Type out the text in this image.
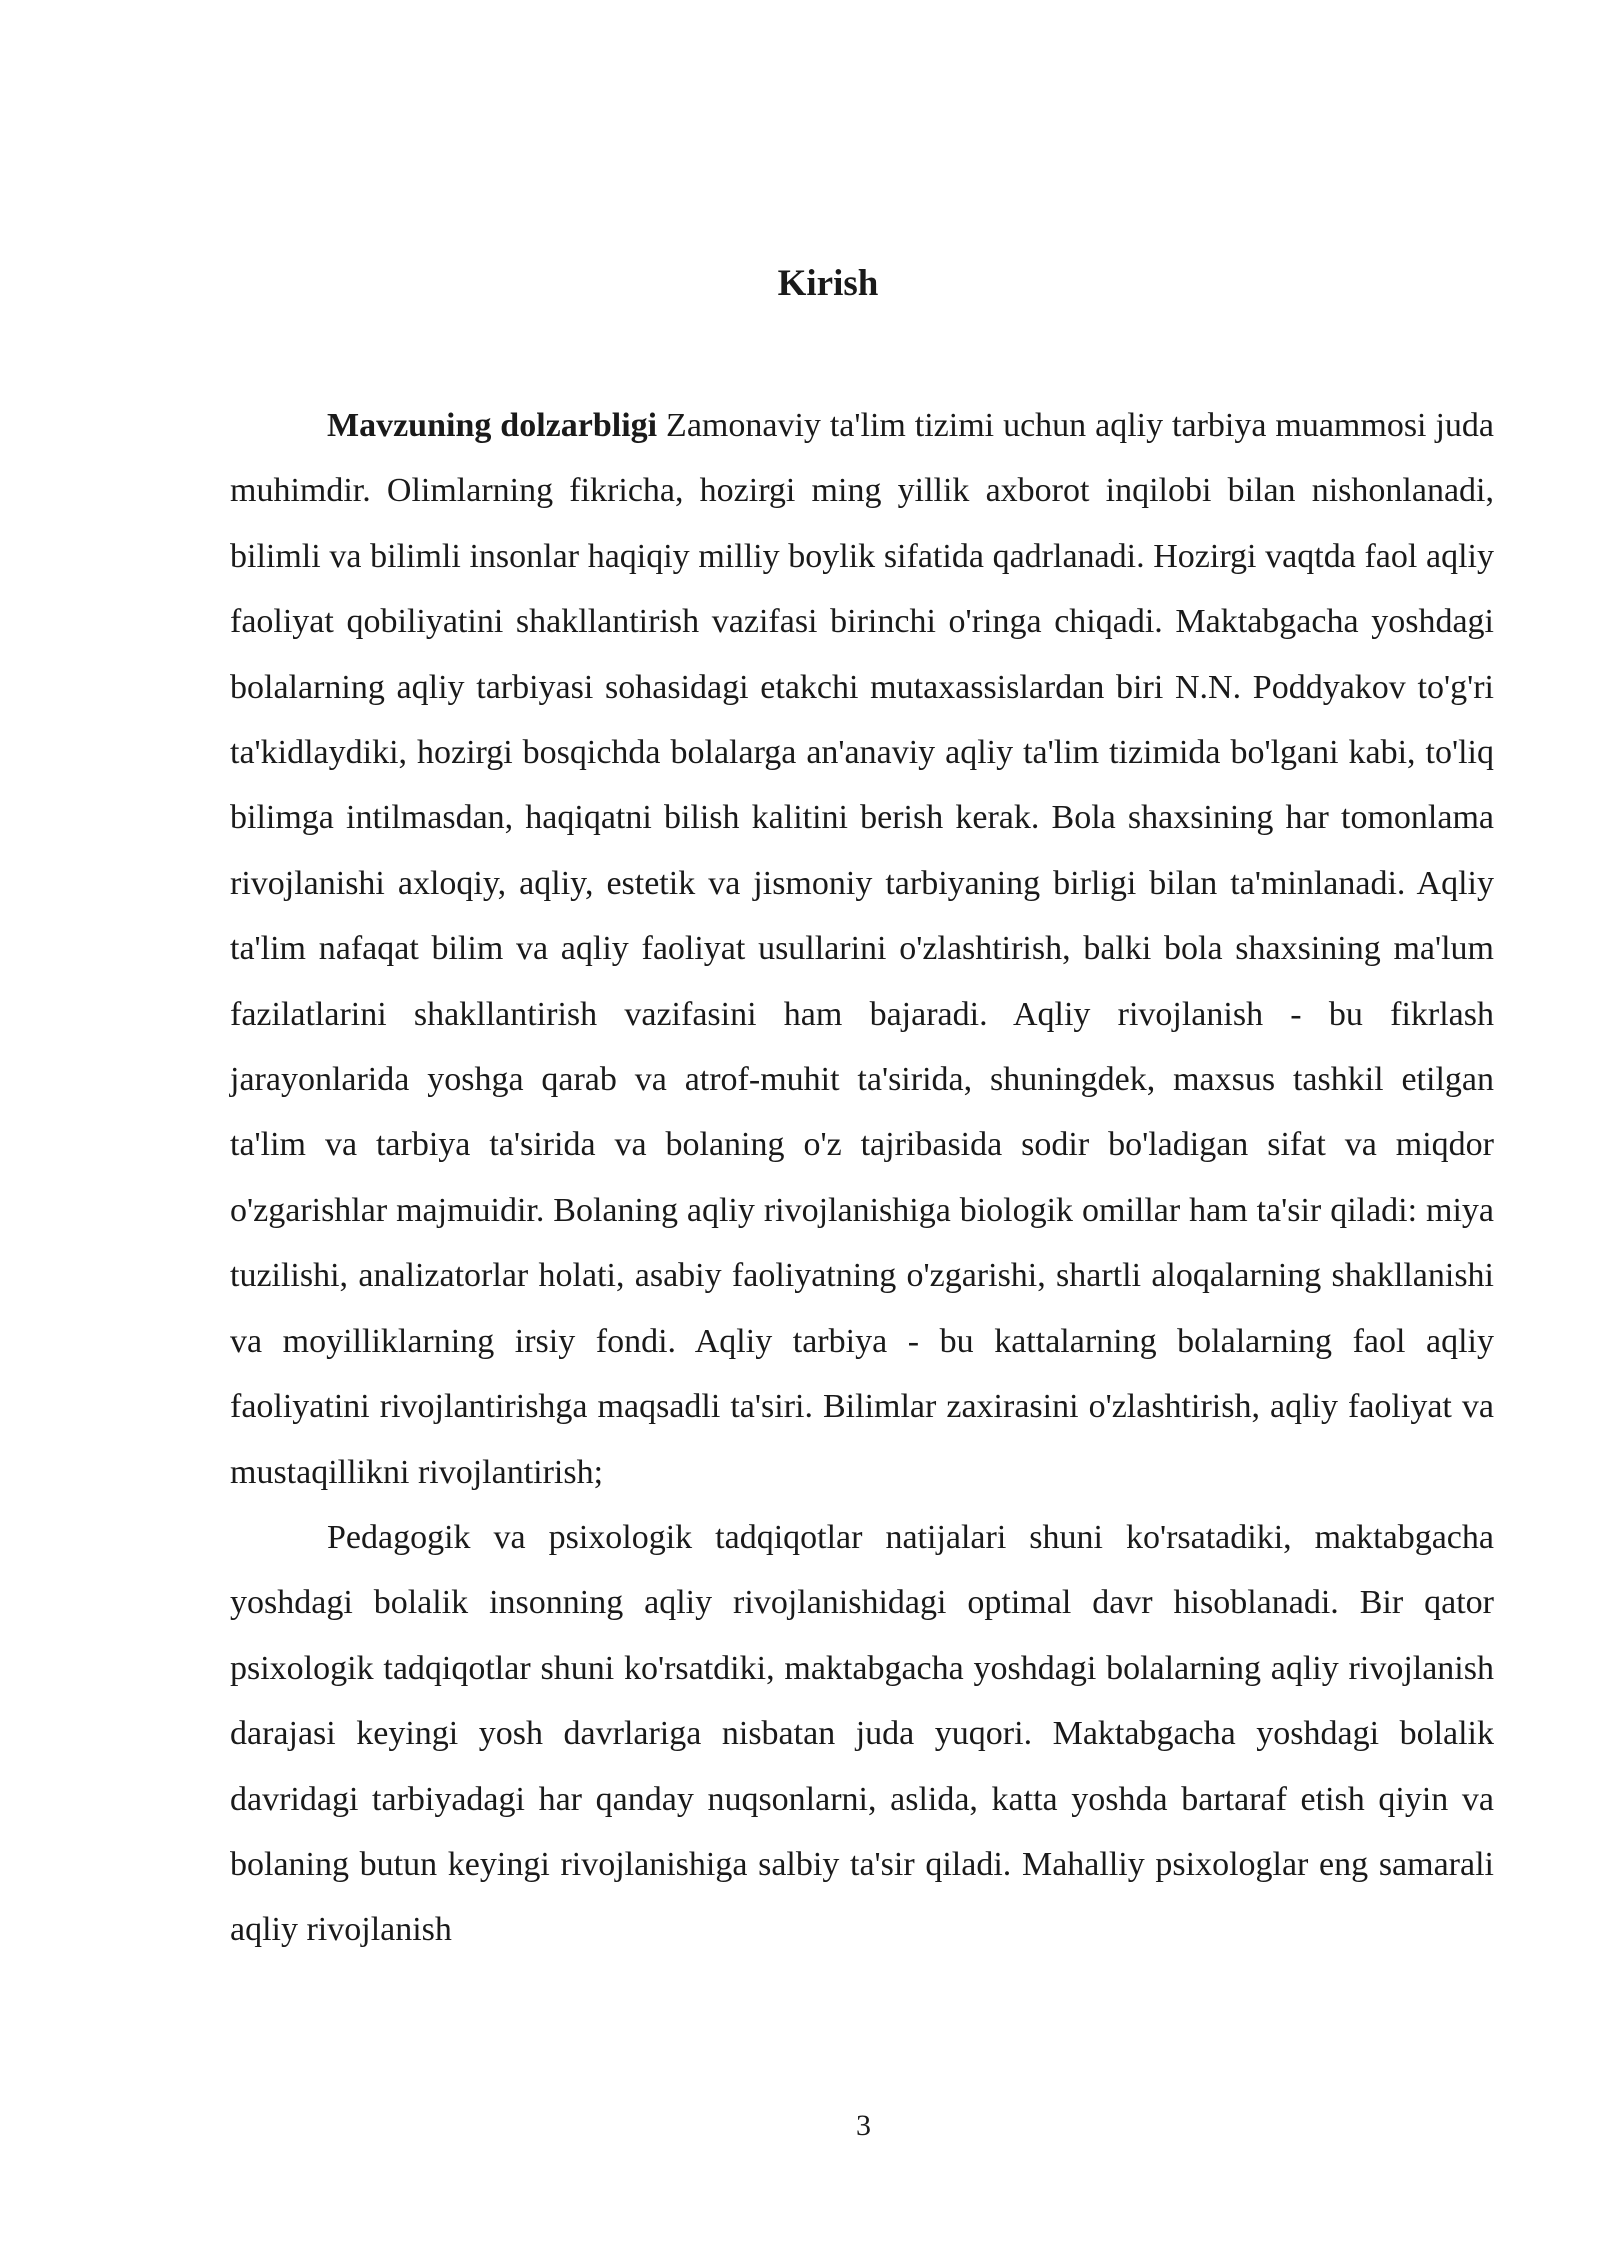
Kirish

Mavzuning dolzarbligi Zamonaviy ta'lim tizimi uchun aqliy tarbiya muammosi juda muhimdir. Olimlarning fikricha, hozirgi ming yillik axborot inqilobi bilan nishonlanadi, bilimli va bilimli insonlar haqiqiy milliy boylik sifatida qadrlanadi. Hozirgi vaqtda faol aqliy faoliyat qobiliyatini shakllantirish vazifasi birinchi o'ringa chiqadi. Maktabgacha yoshdagi bolalarning aqliy tarbiyasi sohasidagi etakchi mutaxassislardan biri N.N. Poddyakov to'g'ri ta'kidlaydiki, hozirgi bosqichda bolalarga an'anaviy aqliy ta'lim tizimida bo'lgani kabi, to'liq bilimga intilmasdan, haqiqatni bilish kalitini berish kerak. Bola shaxsining har tomonlama rivojlanishi axloqiy, aqliy, estetik va jismoniy tarbiyaning birligi bilan ta'minlanadi. Aqliy ta'lim nafaqat bilim va aqliy faoliyat usullarini o'zlashtirish, balki bola shaxsining ma'lum fazilatlarini shakllantirish vazifasini ham bajaradi. Aqliy rivojlanish - bu fikrlash jarayonlarida yoshga qarab va atrof-muhit ta'sirida, shuningdek, maxsus tashkil etilgan ta'lim va tarbiya ta'sirida va bolaning o'z tajribasida sodir bo'ladigan sifat va miqdor o'zgarishlar majmuidir. Bolaning aqliy rivojlanishiga biologik omillar ham ta'sir qiladi: miya tuzilishi, analizatorlar holati, asabiy faoliyatning o'zgarishi, shartli aloqalarning shakllanishi va moyilliklarning irsiy fondi. Aqliy tarbiya - bu kattalarning bolalarning faol aqliy faoliyatini rivojlantirishga maqsadli ta'siri. Bilimlar zaxirasini o'zlashtirish, aqliy faoliyat va mustaqillikni rivojlantirish;

Pedagogik va psixologik tadqiqotlar natijalari shuni ko'rsatadiki, maktabgacha yoshdagi bolalik insonning aqliy rivojlanishidagi optimal davr hisoblanadi. Bir qator psixologik tadqiqotlar shuni ko'rsatdiki, maktabgacha yoshdagi bolalarning aqliy rivojlanish darajasi keyingi yosh davrlariga nisbatan juda yuqori. Maktabgacha yoshdagi bolalik davridagi tarbiyadagi har qanday nuqsonlarni, aslida, katta yoshda bartaraf etish qiyin va bolaning butun keyingi rivojlanishiga salbiy ta'sir qiladi. Mahalliy psixologlar eng samarali aqliy rivojlanish

3
